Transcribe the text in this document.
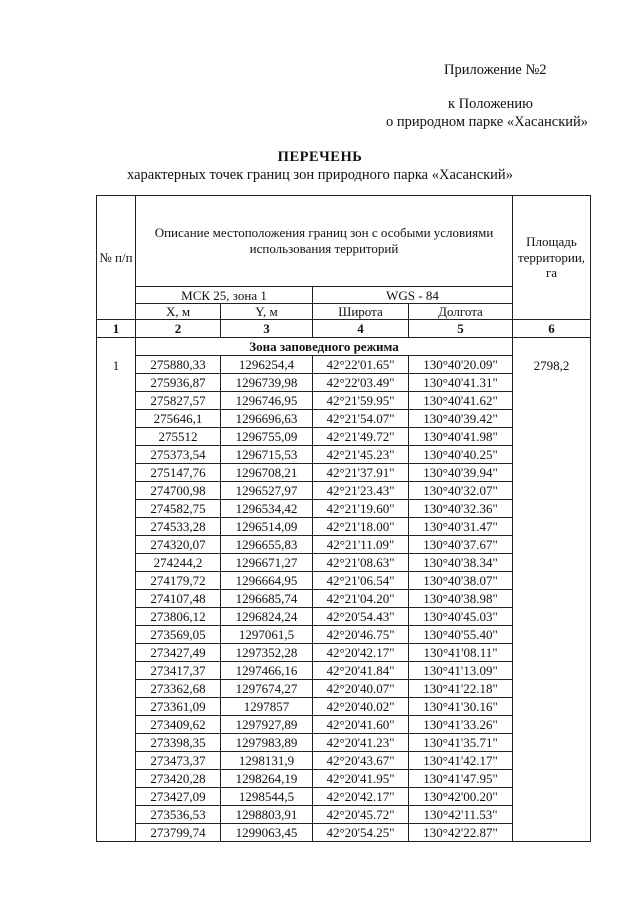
Приложение №2
к Положению
о природном парке «Хасанский»
ПЕРЕЧЕНЬ
характерных точек границ зон природного парка «Хасанский»
№ п/п	Описание местоположения границ зон с особыми условиями использования территорий				Площадь территории, га
	МСК 25, зона 1		WGS - 84		
	X, м	Y, м	Широта	Долгота	
1	2	3	4	5	6
	Зона заповедного режима				
1	275880,33	1296254,4	42°22'01.65"	130°40'20.09"	2798,2
	275936,87	1296739,98	42°22'03.49"	130°40'41.31"	
	275827,57	1296746,95	42°21'59.95"	130°40'41.62"	
	275646,1	1296696,63	42°21'54.07"	130°40'39.42"	
	275512	1296755,09	42°21'49.72"	130°40'41.98"	
	275373,54	1296715,53	42°21'45.23"	130°40'40.25"	
	275147,76	1296708,21	42°21'37.91"	130°40'39.94"	
	274700,98	1296527,97	42°21'23.43"	130°40'32.07"	
	274582,75	1296534,42	42°21'19.60"	130°40'32.36"	
	274533,28	1296514,09	42°21'18.00"	130°40'31.47"	
	274320,07	1296655,83	42°21'11.09"	130°40'37.67"	
	274244,2	1296671,27	42°21'08.63"	130°40'38.34"	
	274179,72	1296664,95	42°21'06.54"	130°40'38.07"	
	274107,48	1296685,74	42°21'04.20"	130°40'38.98"	
	273806,12	1296824,24	42°20'54.43"	130°40'45.03"	
	273569,05	1297061,5	42°20'46.75"	130°40'55.40"	
	273427,49	1297352,28	42°20'42.17"	130°41'08.11"	
	273417,37	1297466,16	42°20'41.84"	130°41'13.09"	
	273362,68	1297674,27	42°20'40.07"	130°41'22.18"	
	273361,09	1297857	42°20'40.02"	130°41'30.16"	
	273409,62	1297927,89	42°20'41.60"	130°41'33.26"	
	273398,35	1297983,89	42°20'41.23"	130°41'35.71"	
	273473,37	1298131,9	42°20'43.67"	130°41'42.17"	
	273420,28	1298264,19	42°20'41.95"	130°41'47.95"	
	273427,09	1298544,5	42°20'42.17"	130°42'00.20"	
	273536,53	1298803,91	42°20'45.72"	130°42'11.53"	
	273799,74	1299063,45	42°20'54.25"	130°42'22.87"	
